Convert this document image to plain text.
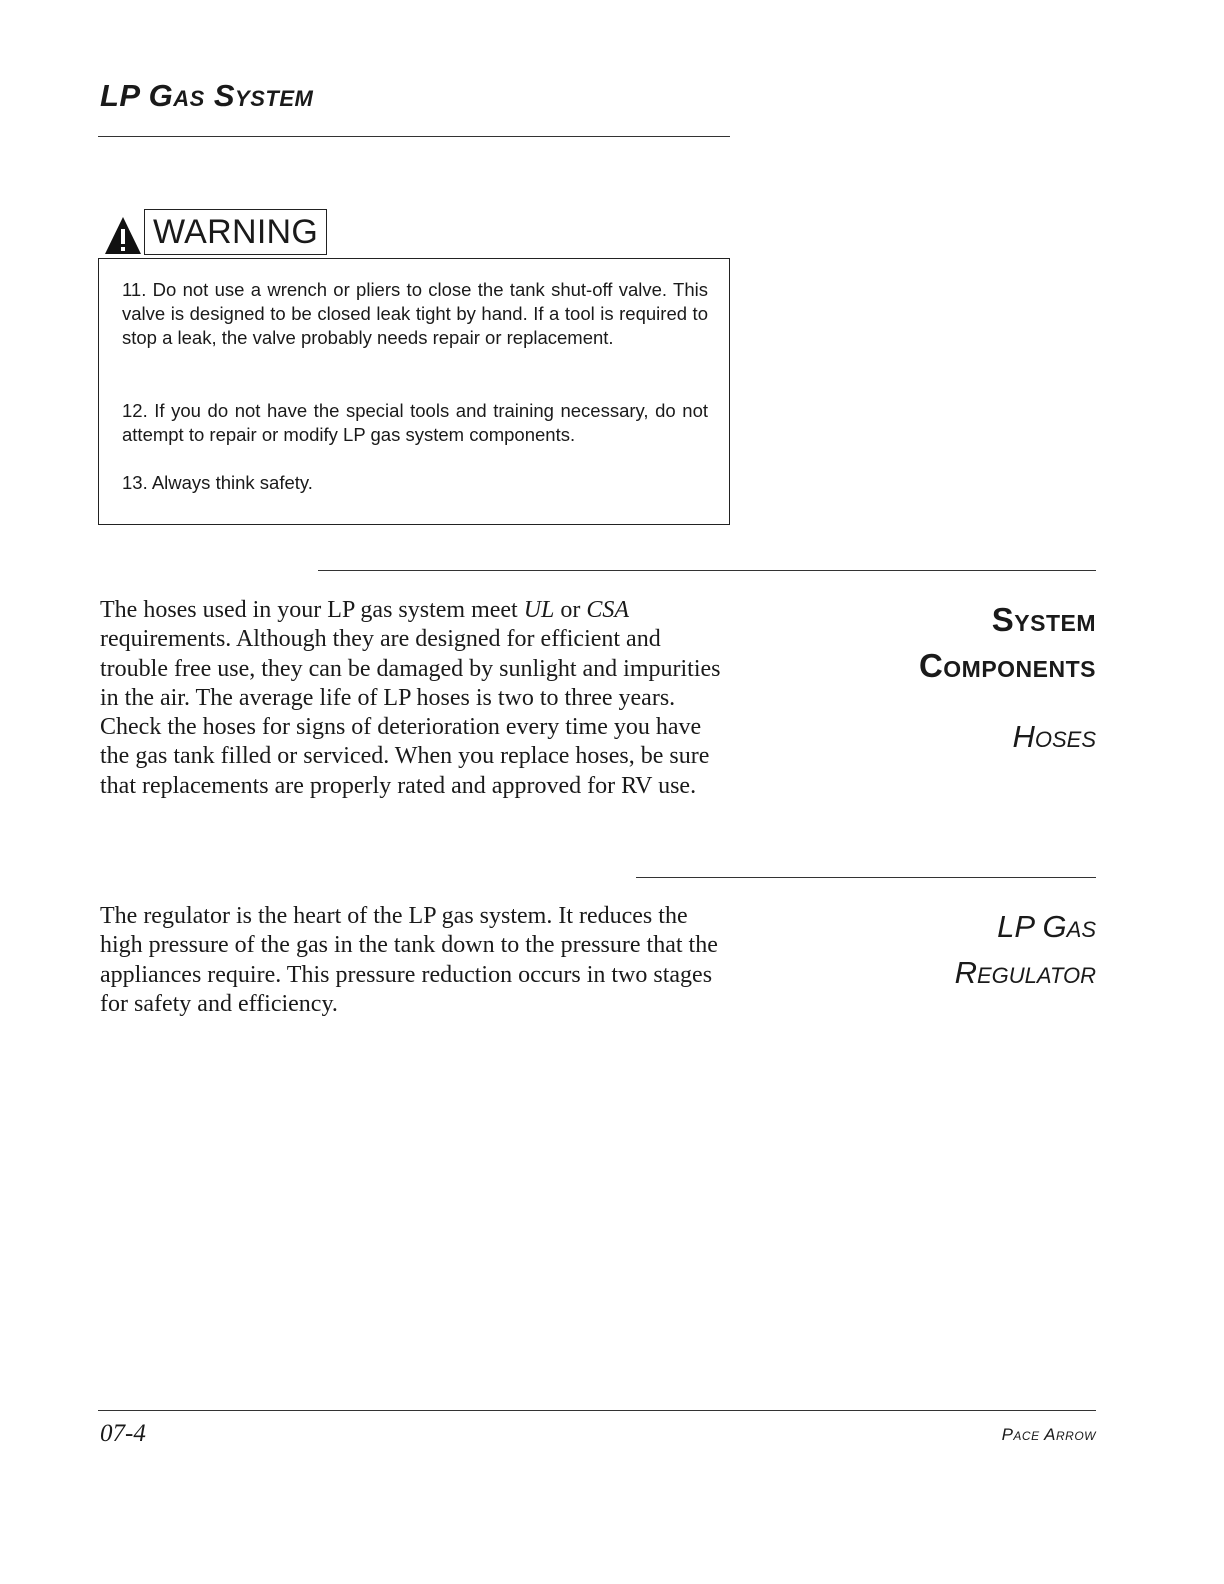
LP Gas System
WARNING

11. Do not use a wrench or pliers to close the tank shut-off valve. This valve is designed to be closed leak tight by hand. If a tool is required to stop a leak, the valve probably needs repair or replacement.

12. If you do not have the special tools and training necessary, do not attempt to repair or modify LP gas system components.

13. Always think safety.

The hoses used in your LP gas system meet UL or CSA requirements. Although they are designed for efficient and trouble free use, they can be damaged by sunlight and impurities in the air. The average life of LP hoses is two to three years. Check the hoses for signs of deterioration every time you have the gas tank filled or serviced. When you replace hoses, be sure that replacements are properly rated and approved for RV use.

System
Components
Hoses

The regulator is the heart of the LP gas system. It reduces the high pressure of the gas in the tank down to the pressure that the appliances require. This pressure reduction occurs in two stages for safety and efficiency.

LP Gas
Regulator
07-4	Pace Arrow
